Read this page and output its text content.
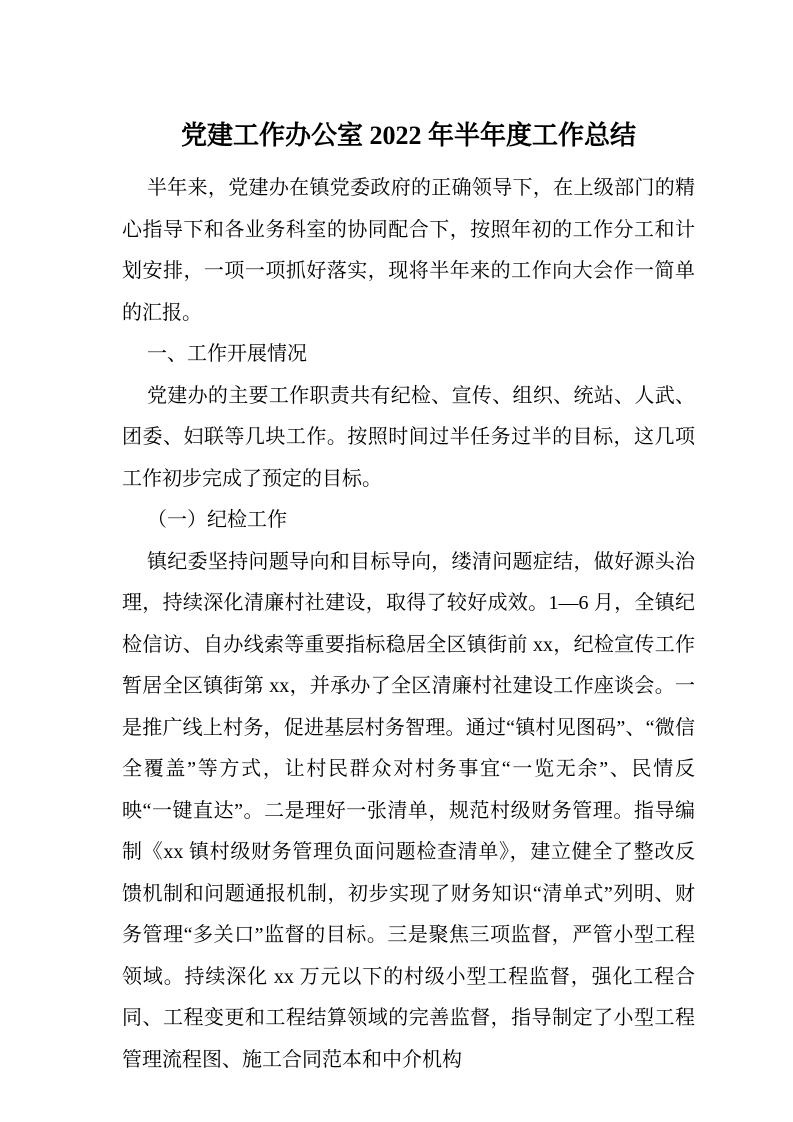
党建工作办公室 2022 年半年度工作总结

半年来，党建办在镇党委政府的正确领导下，在上级部门的精心指导下和各业务科室的协同配合下，按照年初的工作分工和计划安排，一项一项抓好落实，现将半年来的工作向大会作一简单的汇报。

一、工作开展情况

党建办的主要工作职责共有纪检、宣传、组织、统站、人武、团委、妇联等几块工作。按照时间过半任务过半的目标，这几项工作初步完成了预定的目标。

（一）纪检工作

镇纪委坚持问题导向和目标导向，缕清问题症结，做好源头治理，持续深化清廉村社建设，取得了较好成效。1—6 月，全镇纪检信访、自办线索等重要指标稳居全区镇街前 xx，纪检宣传工作暂居全区镇街第 xx，并承办了全区清廉村社建设工作座谈会。一是推广线上村务，促进基层村务智理。通过“镇村见图码”、“微信全覆盖”等方式，让村民群众对村务事宜“一览无余”、民情反映“一键直达”。二是理好一张清单，规范村级财务管理。指导编制《xx 镇村级财务管理负面问题检查清单》，建立健全了整改反馈机制和问题通报机制，初步实现了财务知识“清单式”列明、财务管理“多关口”监督的目标。三是聚焦三项监督，严管小型工程领域。持续深化 xx 万元以下的村级小型工程监督，强化工程合同、工程变更和工程结算领域的完善监督，指导制定了小型工程管理流程图、施工合同范本和中介机构
